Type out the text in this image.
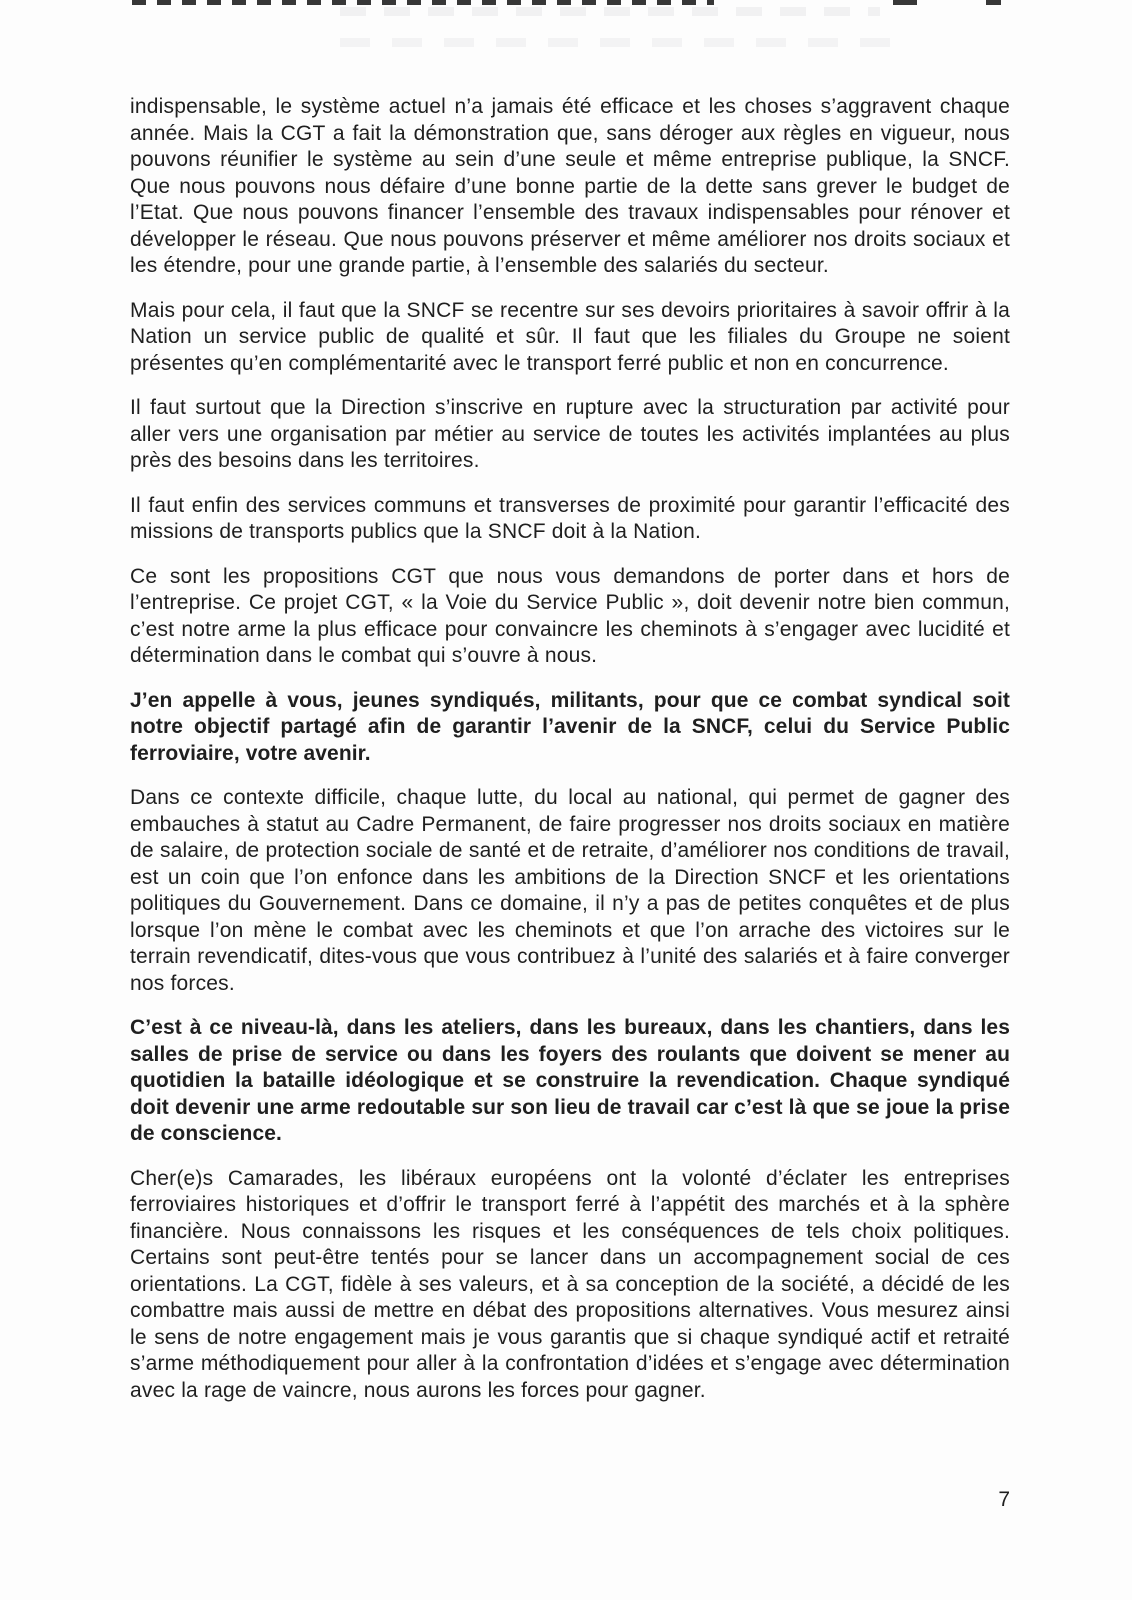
indispensable, le système actuel n’a jamais été efficace et les choses s’aggravent chaque année. Mais la CGT a fait la démonstration que, sans déroger aux règles en vigueur, nous pouvons réunifier le système au sein d’une seule et même entreprise publique, la SNCF. Que nous pouvons nous défaire d’une bonne partie de la dette sans grever le budget de l’Etat. Que nous pouvons financer l’ensemble des travaux indispensables pour rénover et développer le réseau. Que nous pouvons préserver et même améliorer nos droits sociaux et les étendre, pour une grande partie, à l’ensemble des salariés du secteur.

Mais pour cela, il faut que la SNCF se recentre sur ses devoirs prioritaires à savoir offrir à la Nation un service public de qualité et sûr. Il faut que les filiales du Groupe ne soient présentes qu’en complémentarité avec le transport ferré public et non en concurrence.

Il faut surtout que la Direction s’inscrive en rupture avec la structuration par activité pour aller vers une organisation par métier au service de toutes les activités implantées au plus près des besoins dans les territoires.

Il faut enfin des services communs et transverses de proximité pour garantir l’efficacité des missions de transports publics que la SNCF doit à la Nation.

Ce sont les propositions CGT que nous vous demandons de porter dans et hors de l’entreprise. Ce projet CGT, « la Voie du Service Public », doit devenir notre bien commun, c’est notre arme la plus efficace pour convaincre les cheminots à s’engager avec lucidité et détermination dans le combat qui s’ouvre à nous.

J’en appelle à vous, jeunes syndiqués, militants, pour que ce combat syndical soit notre objectif partagé afin de garantir l’avenir de la SNCF, celui du Service Public ferroviaire, votre avenir.

Dans ce contexte difficile, chaque lutte, du local au national, qui permet de gagner des embauches à statut au Cadre Permanent, de faire progresser nos droits sociaux en matière de salaire, de protection sociale de santé et de retraite, d’améliorer nos conditions de travail, est un coin que l’on enfonce dans les ambitions de la Direction SNCF et les orientations politiques du Gouvernement. Dans ce domaine, il n’y a pas de petites conquêtes et de plus lorsque l’on mène le combat avec les cheminots et que l’on arrache des victoires sur le terrain revendicatif, dites-vous que vous contribuez à l’unité des salariés et à faire converger nos forces.

C’est à ce niveau-là, dans les ateliers, dans les bureaux, dans les chantiers, dans les salles de prise de service ou dans les foyers des roulants que doivent se mener au quotidien la bataille idéologique et se construire la revendication. Chaque syndiqué doit devenir une arme redoutable sur son lieu de travail car c’est là que se joue la prise de conscience.

Cher(e)s Camarades, les libéraux européens ont la volonté d’éclater les entreprises ferroviaires historiques et d’offrir le transport ferré à l’appétit des marchés et à la sphère financière. Nous connaissons les risques et les conséquences de tels choix politiques. Certains sont peut-être tentés pour se lancer dans un accompagnement social de ces orientations. La CGT, fidèle à ses valeurs, et à sa conception de la société, a décidé de les combattre mais aussi de mettre en débat des propositions alternatives. Vous mesurez ainsi le sens de notre engagement mais je vous garantis que si chaque syndiqué actif et retraité s’arme méthodiquement pour aller à la confrontation d’idées et s’engage avec détermination avec la rage de vaincre, nous aurons les forces pour gagner.

7
